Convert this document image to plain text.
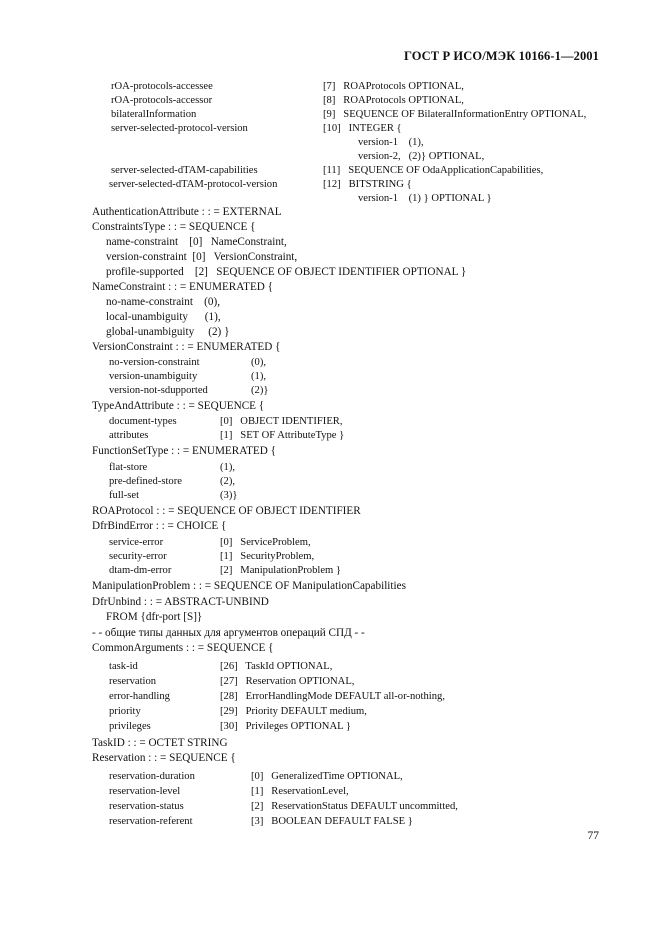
ГОСТ Р ИСО/МЭК 10166-1—2001
rOA-protocols-accessee	[7]   ROAProtocols OPTIONAL,
rOA-protocols-accessor	[8]   ROAProtocols OPTIONAL,
bilateralInformation	[9]   SEQUENCE OF BilateralInformationEntry OPTIONAL,
server-selected-protocol-version	[10]   INTEGER {
version-1    (1),
version-2,   (2)} OPTIONAL,
server-selected-dTAM-capabilities	[11]   SEQUENCE OF OdaApplicationCapabilities,
server-selected-dTAM-protocol-version	[12]   BITSTRING {
version-1    (1) } OPTIONAL }
AuthenticationAttribute : : = EXTERNAL
ConstraintsType : : = SEQUENCE {
name-constraint    [0]   NameConstraint,
version-constraint  [0]   VersionConstraint,
profile-supported    [2]   SEQUENCE OF OBJECT IDENTIFIER OPTIONAL }
NameConstraint : : = ENUMERATED {
no-name-constraint    (0),
local-unambiguity      (1),
global-unambiguity     (2) }
VersionConstraint : : = ENUMERATED {
no-version-constraint	(0),
version-unambiguity	(1),
version-not-sdupported	(2)}
TypeAndAttribute : : = SEQUENCE {
document-types	[0]   OBJECT IDENTIFIER,
attributes	[1]   SET OF AttributeType }
FunctionSetType : : = ENUMERATED {
flat-store	(1),
pre-defined-store	(2),
full-set	(3)}
ROAProtocol : : = SEQUENCE OF OBJECT IDENTIFIER
DfrBindError : : = CHOICE {
service-error	[0]   ServiceProblem,
security-error	[1]   SecurityProblem,
dtam-dm-error	[2]   ManipulationProblem }
ManipulationProblem : : = SEQUENCE OF ManipulationCapabilities
DfrUnbind : : = ABSTRACT-UNBIND
FROM {dfr-port [S]}
- - общие типы данных для аргументов операций СПД - -
CommonArguments : : = SEQUENCE {
task-id	[26]   TaskId OPTIONAL,
reservation	[27]   Reservation OPTIONAL,
error-handling	[28]   ErrorHandlingMode DEFAULT all-or-nothing,
priority	[29]   Priority DEFAULT medium,
privileges	[30]   Privileges OPTIONAL }
TaskID : : = OCTET STRING
Reservation : : = SEQUENCE {
reservation-duration	[0]   GeneralizedTime OPTIONAL,
reservation-level	[1]   ReservationLevel,
reservation-status	[2]   ReservationStatus DEFAULT uncommitted,
reservation-referent	[3]   BOOLEAN DEFAULT FALSE }
77
